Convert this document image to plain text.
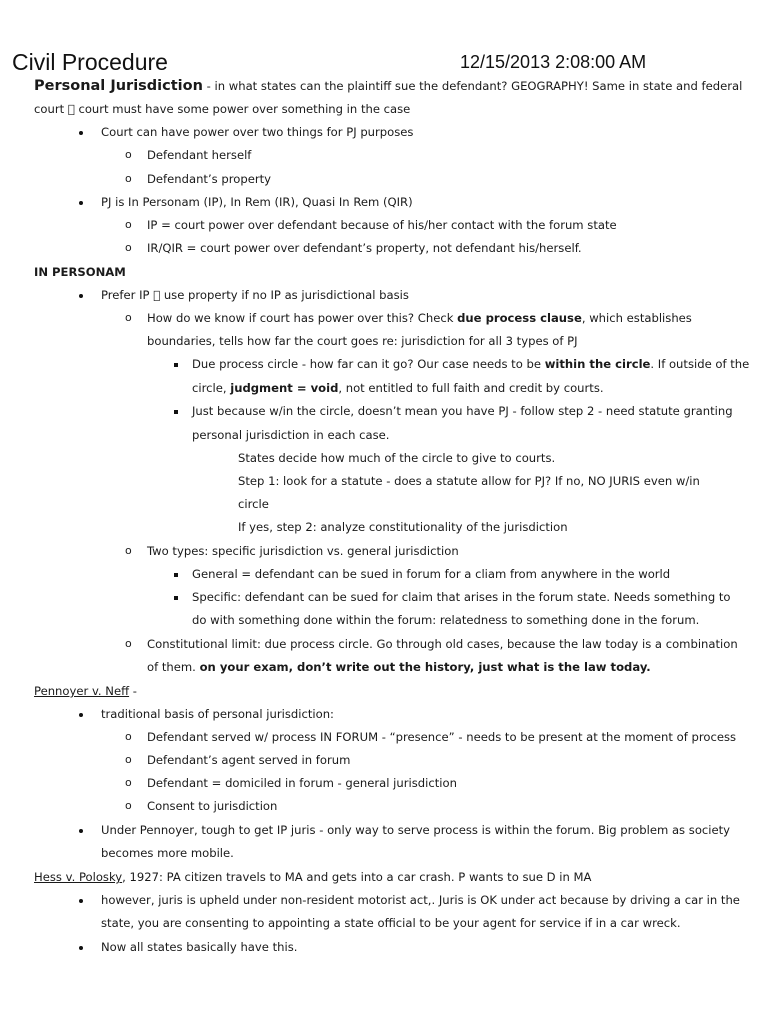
Civil Procedure	12/15/2013 2:08:00 AM
Personal Jurisdiction - in what states can the plaintiff sue the defendant? GEOGRAPHY! Same in state and federal
court   court must have some power over something in the case
Court can have power over two things for PJ purposes
o Defendant herself
o Defendant’s property
PJ is In Personam (IP), In Rem (IR), Quasi In Rem (QIR)
o IP = court power over defendant because of his/her contact with the forum state
o IR/QIR = court power over defendant’s property, not defendant his/herself.
IN PERSONAM
Prefer IP   use property if no IP as jurisdictional basis
o How do we know if court has power over this? Check due process clause, which establishes
boundaries, tells how far the court goes re: jurisdiction for all 3 types of PJ
Due process circle - how far can it go? Our case needs to be within the circle. If outside of the
circle, judgment = void, not entitled to full faith and credit by courts.
Just because w/in the circle, doesn’t mean you have PJ - follow step 2 - need statute granting
personal jurisdiction in each case.
States decide how much of the circle to give to courts.
Step 1: look for a statute - does a statute allow for PJ? If no, NO JURIS even w/in
circle
If yes, step 2: analyze constitutionality of the jurisdiction
o Two types: specific jurisdiction vs. general jurisdiction
General = defendant can be sued in forum for a cliam from anywhere in the world
Specific: defendant can be sued for claim that arises in the forum state. Needs something to
do with something done within the forum: relatedness to something done in the forum.
o Constitutional limit: due process circle. Go through old cases, because the law today is a combination
of them. on your exam, don’t write out the history, just what is the law today.
Pennoyer v. Neff -
traditional basis of personal jurisdiction:
o Defendant served w/ process IN FORUM - “presence” - needs to be present at the moment of process
o Defendant’s agent served in forum
o Defendant = domiciled in forum - general jurisdiction
o Consent to jurisdiction
Under Pennoyer, tough to get IP juris - only way to serve process is within the forum. Big problem as society
becomes more mobile.
Hess v. Polosky, 1927: PA citizen travels to MA and gets into a car crash. P wants to sue D in MA
however, juris is upheld under non-resident motorist act,. Juris is OK under act because by driving a car in the
state, you are consenting to appointing a state official to be your agent for service if in a car wreck.
Now all states basically have this.
